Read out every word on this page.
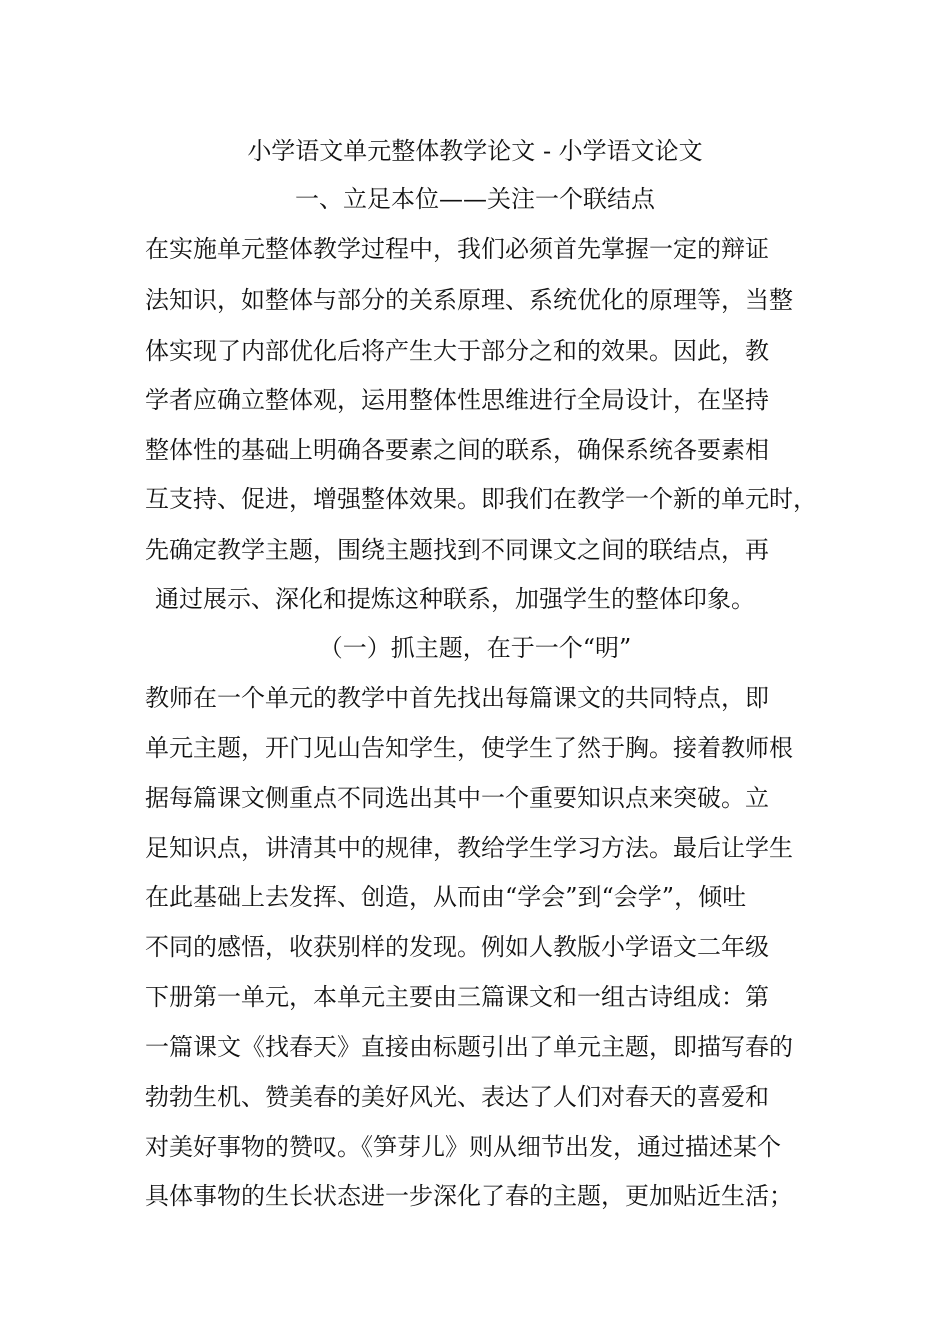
小学语文单元整体教学论文 - 小学语文论文
一、立足本位——关注一个联结点
在实施单元整体教学过程中，我们必须首先掌握一定的辩证
法知识，如整体与部分的关系原理、系统优化的原理等，当整
体实现了内部优化后将产生大于部分之和的效果。因此，教
学者应确立整体观，运用整体性思维进行全局设计，在坚持
整体性的基础上明确各要素之间的联系，确保系统各要素相
互支持、促进，增强整体效果。即我们在教学一个新的单元时，
先确定教学主题，围绕主题找到不同课文之间的联结点，再
通过展示、深化和提炼这种联系，加强学生的整体印象。
（一）抓主题，在于一个“明”
教师在一个单元的教学中首先找出每篇课文的共同特点，即
单元主题，开门见山告知学生，使学生了然于胸。接着教师根
据每篇课文侧重点不同选出其中一个重要知识点来突破。立
足知识点，讲清其中的规律，教给学生学习方法。最后让学生
在此基础上去发挥、创造，从而由“学会”到“会学”，倾吐
不同的感悟，收获别样的发现。例如人教版小学语文二年级
下册第一单元，本单元主要由三篇课文和一组古诗组成：第
一篇课文《找春天》直接由标题引出了单元主题，即描写春的
勃勃生机、赞美春的美好风光、表达了人们对春天的喜爱和
对美好事物的赞叹。《笋芽儿》则从细节出发，通过描述某个
具体事物的生长状态进一步深化了春的主题，更加贴近生活；
